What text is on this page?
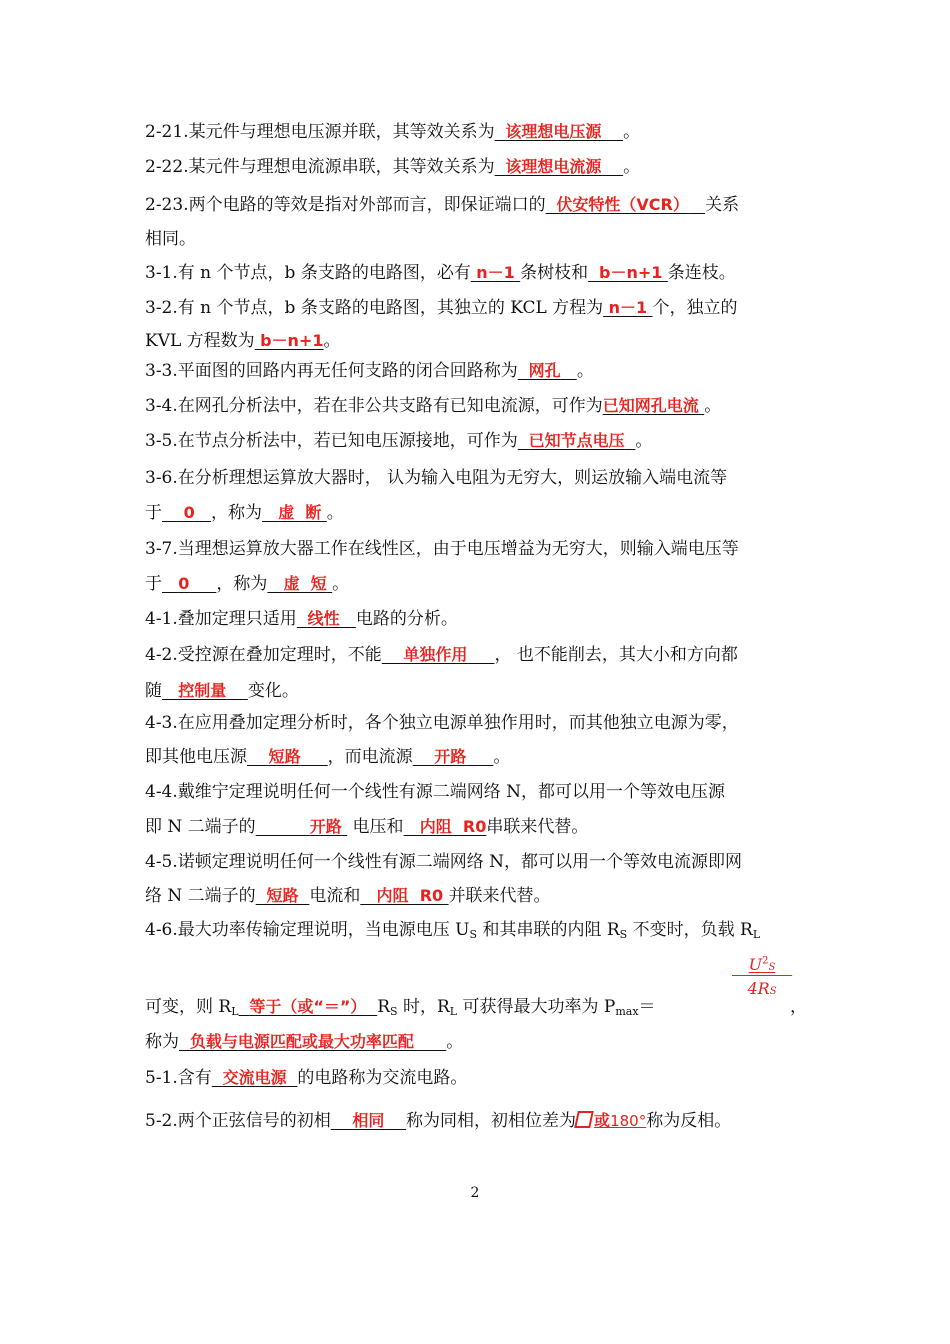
2-21.某元件与理想电压源并联，其等效关系为 该理想电压源 。
2-22.某元件与理想电流源串联，其等效关系为 该理想电流源 。
2-23.两个电路的等效是指对外部而言，即保证端口的 伏安特性（VCR） 关系
相同。
3-1.有 n 个节点，b 条支路的电路图，必有 n－1 条树枝和 b－n+1 条连枝。
3-2.有 n 个节点，b 条支路的电路图，其独立的 KCL 方程为 n－1 个，独立的
KVL 方程数为 b－n+1。
3-3.平面图的回路内再无任何支路的闭合回路称为 网孔 。
3-4.在网孔分析法中，若在非公共支路有已知电流源，可作为已知网孔电流 。
3-5.在节点分析法中，若已知电压源接地，可作为 已知节点电压 。
3-6.在分析理想运算放大器时， 认为输入电阻为无穷大，则运放输入端电流等
于 0 ，称为 虚  断 。
3-7.当理想运算放大器工作在线性区，由于电压增益为无穷大，则输入端电压等
于 0 ，称为 虚  短 。
4-1.叠加定理只适用 线性 电路的分析。
4-2.受控源在叠加定理时，不能 单独作用 ， 也不能削去，其大小和方向都
随 控制量 变化。
4-3.在应用叠加定理分析时，各个独立电源单独作用时，而其他独立电源为零，
即其他电压源 短路 ，而电流源 开路 。
4-4.戴维宁定理说明任何一个线性有源二端网络 N，都可以用一个等效电压源
即 N 二端子的	开路  电压和 内阻  R0串联来代替。
4-5.诺顿定理说明任何一个线性有源二端网络 N，都可以用一个等效电流源即网
络 N 二端子的 短路 电流和 内阻  R0 并联来代替。
4-6.最大功率传输定理说明，当电源电压 $U_S$ 和其串联的内阻 $R_S$ 不变时，负载 $R_L$
$\frac{U^2S}{4RS}$
可变，则 $R_L$ 等于（或“＝”） $R_S$ 时，$R_L$ 可获得最大功率为 $P_{max}=$	，
称为 负载与电源匹配或最大功率匹配 。
5-1.含有 交流电源 的电路称为交流电路。
5-2.两个正弦信号的初相 相同 称为同相，初相位差为 或180°称为反相。
2
